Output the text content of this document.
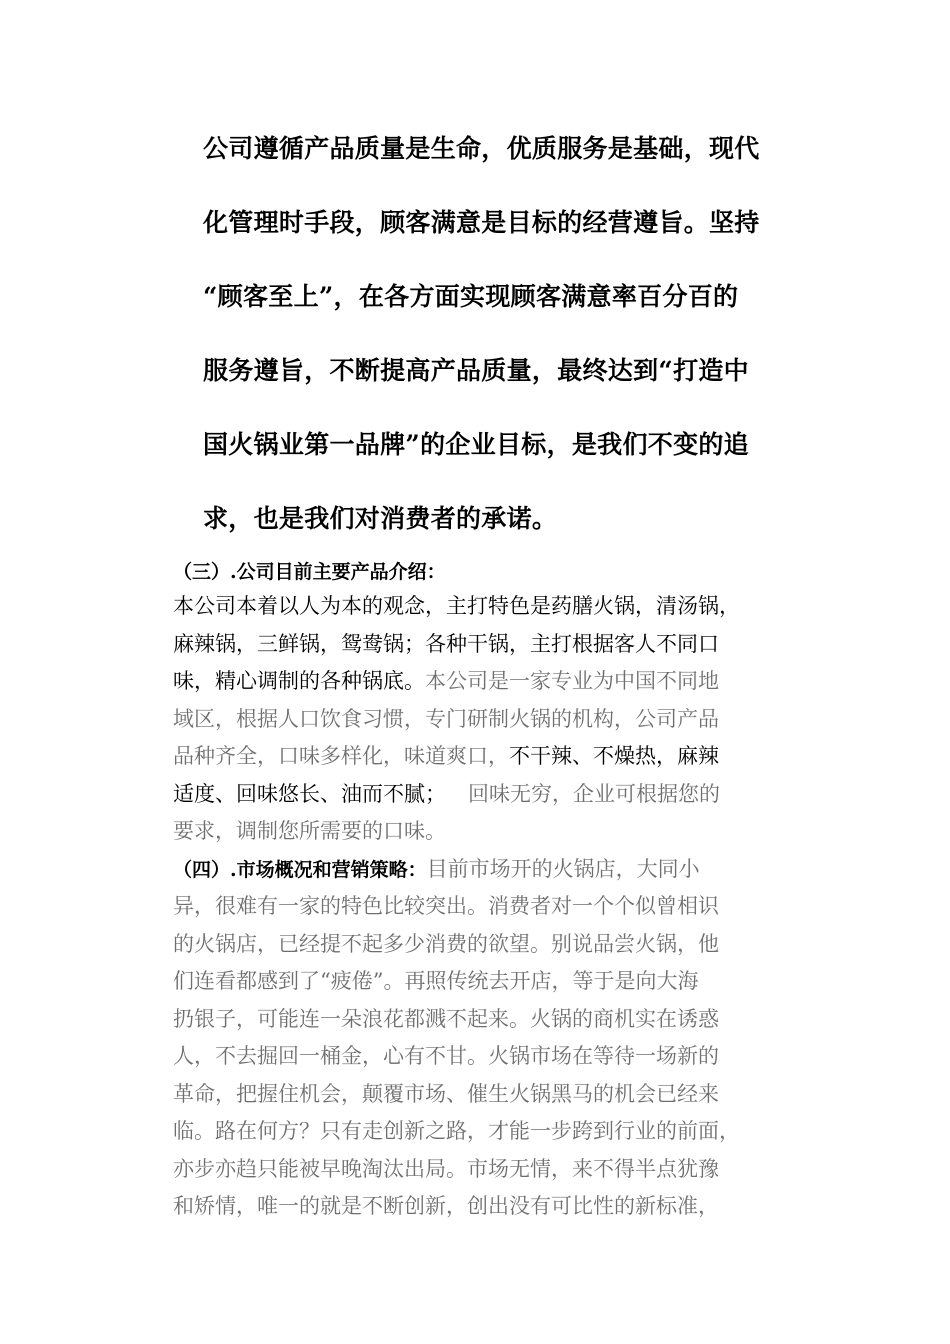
公司遵循产品质量是生命，优质服务是基础，现代
化管理时手段，顾客满意是目标的经营遵旨。坚持
“顾客至上”，在各方面实现顾客满意率百分百的
服务遵旨，不断提高产品质量，最终达到“打造中
国火锅业第一品牌”的企业目标，是我们不变的追
求，也是我们对消费者的承诺。
（三）.公司目前主要产品介绍：
本公司本着以人为本的观念，主打特色是药膳火锅，清汤锅，
麻辣锅，三鲜锅，鸳鸯锅；各种干锅，主打根据客人不同口
味，精心调制的各种锅底。本公司是一家专业为中国不同地
域区，根据人口饮食习惯，专门研制火锅的机构，公司产品
品种齐全，口味多样化，味道爽口，不干辣、不燥热，麻辣
适度、回味悠长、油而不腻； 回味无穷，企业可根据您的
要求，调制您所需要的口味。
（四）.市场概况和营销策略：目前市场开的火锅店，大同小
异，很难有一家的特色比较突出。消费者对一个个似曾相识
的火锅店，已经提不起多少消费的欲望。别说品尝火锅，他
们连看都感到了“疲倦”。再照传统去开店，等于是向大海
扔银子，可能连一朵浪花都溅不起来。火锅的商机实在诱惑
人，不去掘回一桶金，心有不甘。火锅市场在等待一场新的
革命，把握住机会，颠覆市场、催生火锅黑马的机会已经来
临。路在何方？只有走创新之路，才能一步跨到行业的前面，
亦步亦趋只能被早晚淘汰出局。市场无情，来不得半点犹豫
和矫情，唯一的就是不断创新，创出没有可比性的新标准，
